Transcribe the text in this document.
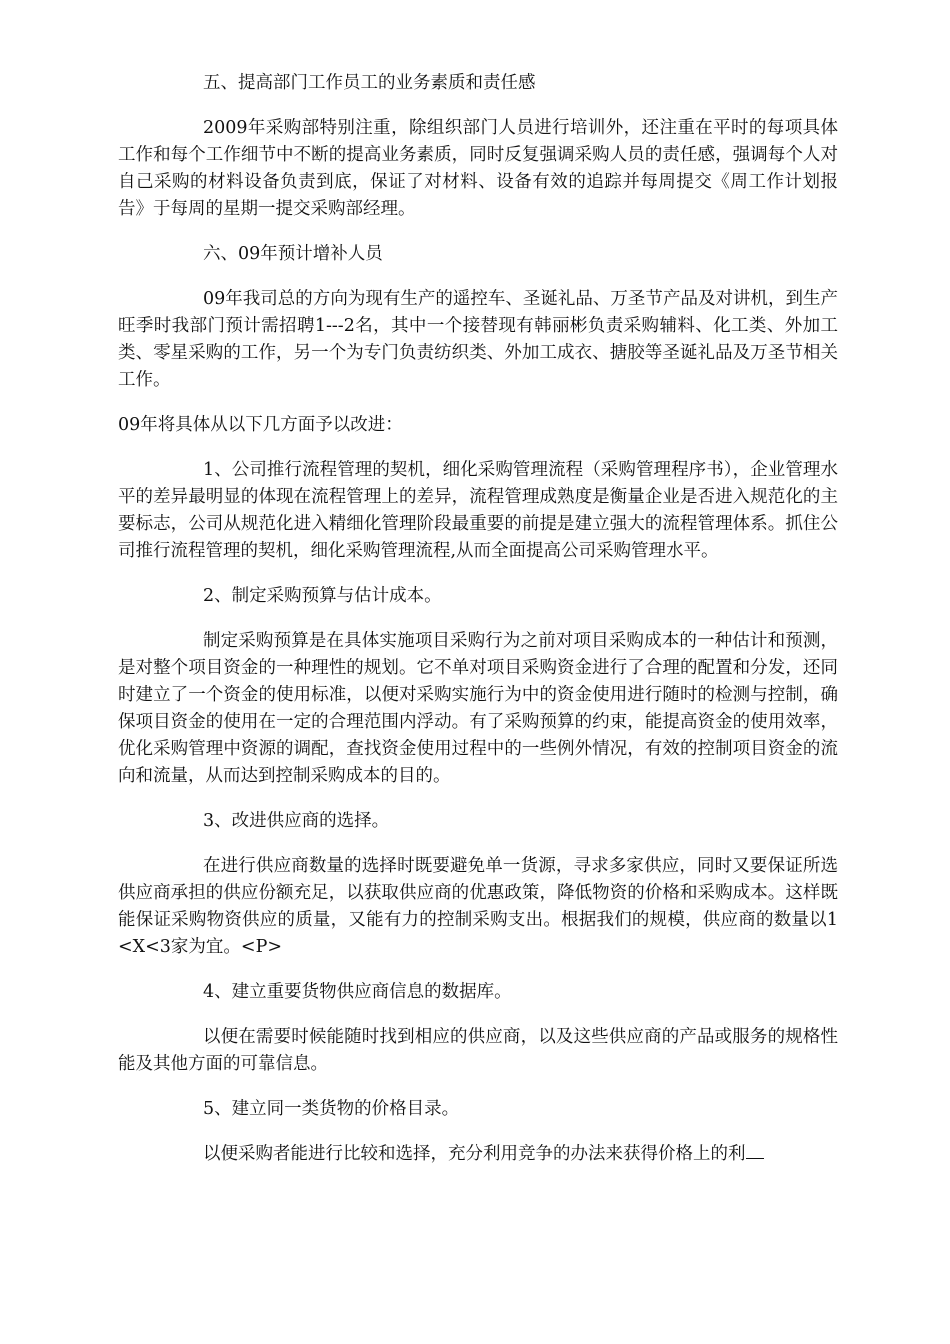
五、提高部门工作员工的业务素质和责任感

2009年采购部特别注重，除组织部门人员进行培训外，还注重在平时的每项具体工作和每个工作细节中不断的提高业务素质，同时反复强调采购人员的责任感，强调每个人对自己采购的材料设备负责到底，保证了对材料、设备有效的追踪并每周提交《周工作计划报告》于每周的星期一提交采购部经理。

六、09年预计增补人员

09年我司总的方向为现有生产的遥控车、圣诞礼品、万圣节产品及对讲机，到生产旺季时我部门预计需招聘1---2名，其中一个接替现有韩丽彬负责采购辅料、化工类、外加工类、零星采购的工作，另一个为专门负责纺织类、外加工成衣、搪胶等圣诞礼品及万圣节相关工作。

09年将具体从以下几方面予以改进：

1、公司推行流程管理的契机，细化采购管理流程（采购管理程序书），企业管理水平的差异最明显的体现在流程管理上的差异，流程管理成熟度是衡量企业是否进入规范化的主要标志，公司从规范化进入精细化管理阶段最重要的前提是建立强大的流程管理体系。抓住公司推行流程管理的契机，细化采购管理流程,从而全面提高公司采购管理水平。

2、制定采购预算与估计成本。

制定采购预算是在具体实施项目采购行为之前对项目采购成本的一种估计和预测，是对整个项目资金的一种理性的规划。它不单对项目采购资金进行了合理的配置和分发，还同时建立了一个资金的使用标准，以便对采购实施行为中的资金使用进行随时的检测与控制，确保项目资金的使用在一定的合理范围内浮动。有了采购预算的约束，能提高资金的使用效率，优化采购管理中资源的调配，查找资金使用过程中的一些例外情况，有效的控制项目资金的流向和流量，从而达到控制采购成本的目的。

3、改进供应商的选择。

在进行供应商数量的选择时既要避免单一货源，寻求多家供应，同时又要保证所选供应商承担的供应份额充足，以获取供应商的优惠政策，降低物资的价格和采购成本。这样既能保证采购物资供应的质量，又能有力的控制采购支出。根据我们的规模，供应商的数量以1<X<3家为宜。<P>

4、建立重要货物供应商信息的数据库。

以便在需要时候能随时找到相应的供应商，以及这些供应商的产品或服务的规格性能及其他方面的可靠信息。

5、建立同一类货物的价格目录。

以便采购者能进行比较和选择，充分利用竞争的办法来获得价格上的利
